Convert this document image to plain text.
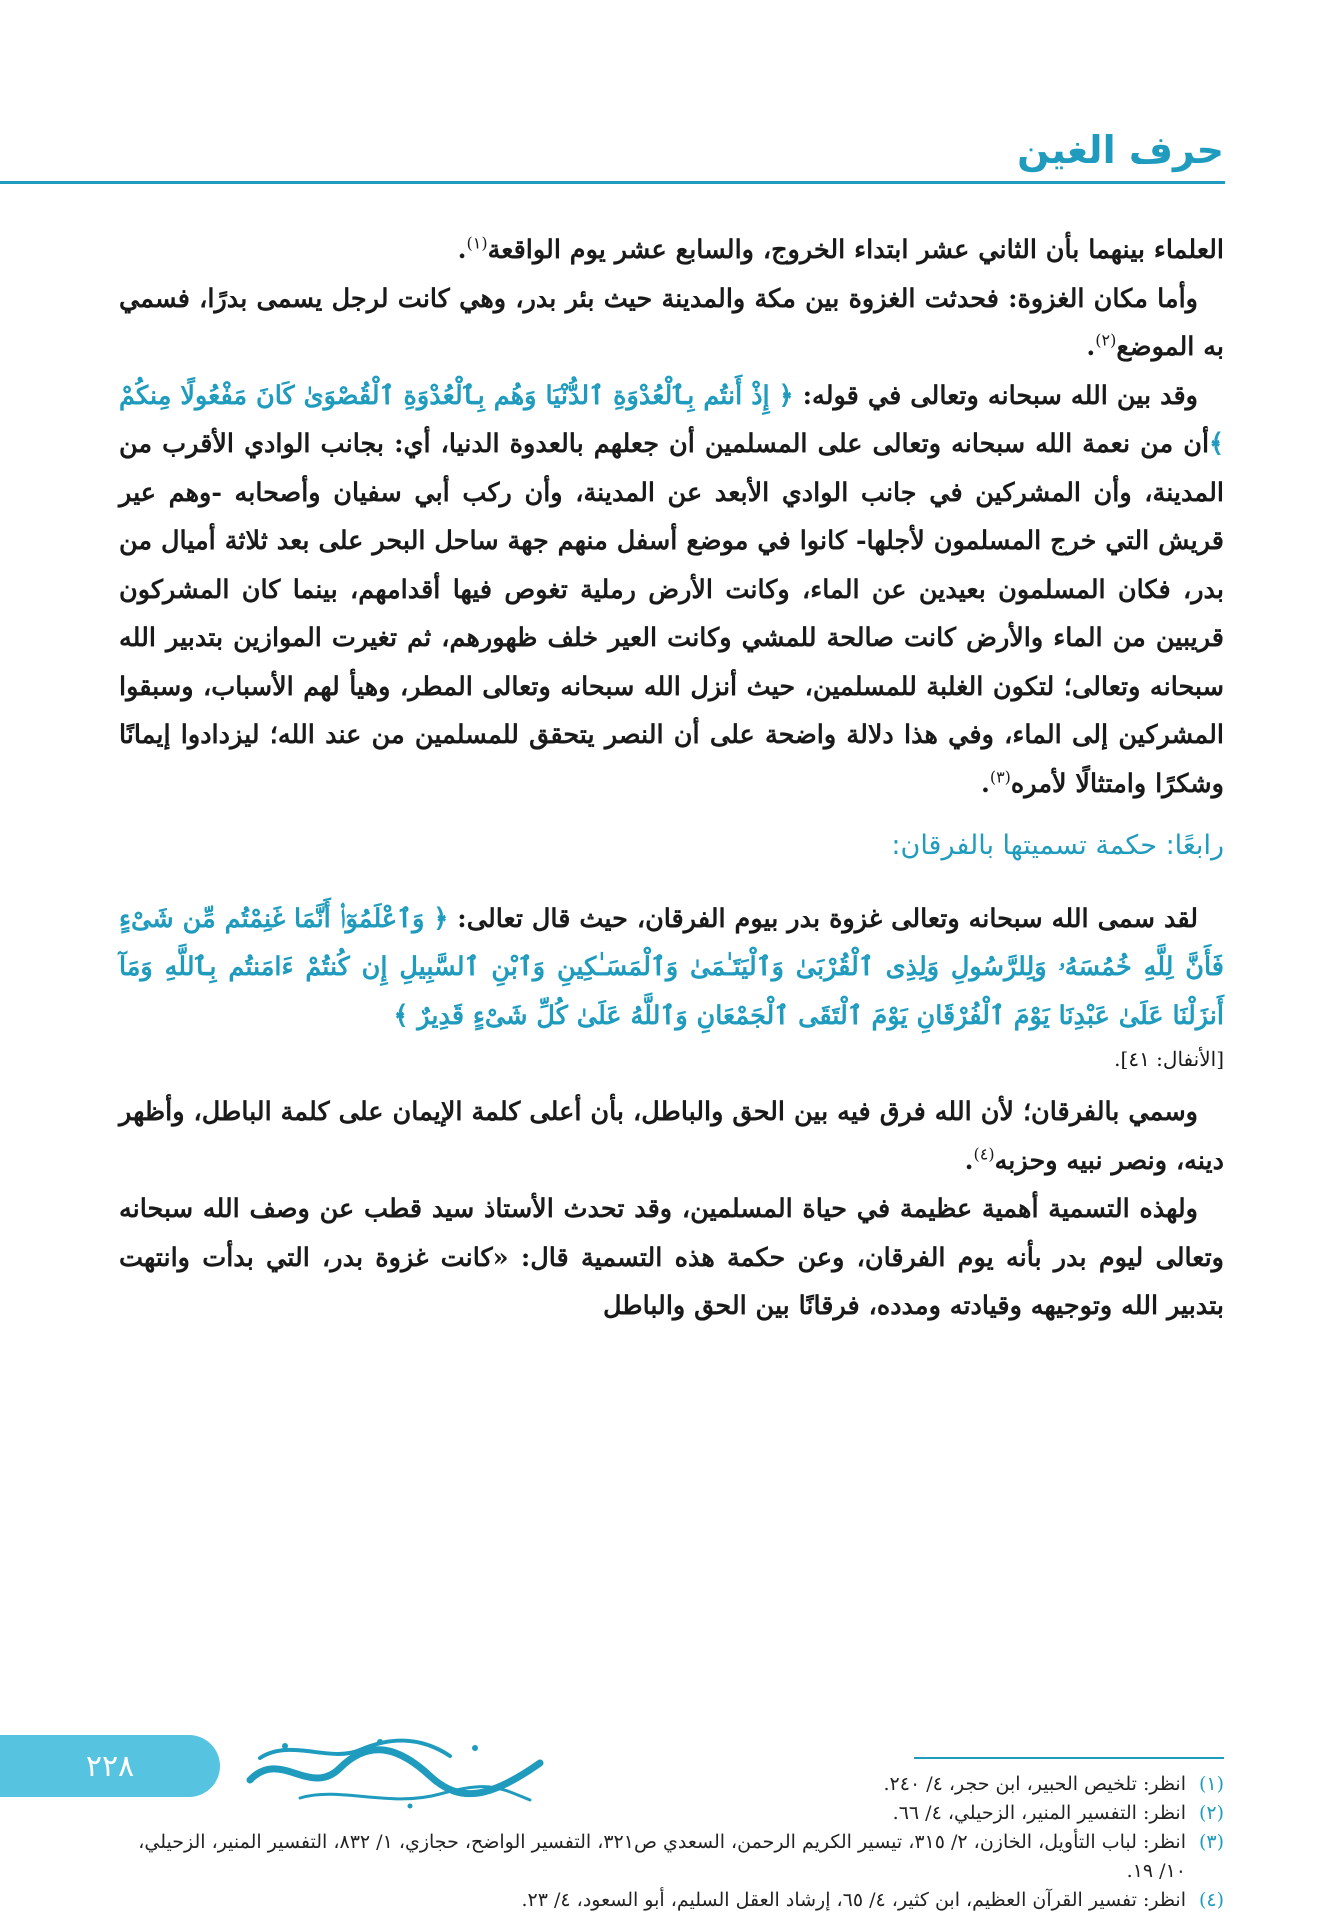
حرف الغين

العلماء بينهما بأن الثاني عشر ابتداء الخروج، والسابع عشر يوم الواقعة$^{(١)}$.

وأما مكان الغزوة: فحدثت الغزوة بين مكة والمدينة حيث بئر بدر، وهي كانت لرجل يسمى بدرًا، فسمي به الموضع$^{(٢)}$.

وقد بين الله سبحانه وتعالى في قوله: ﴿ إِذْ أَنتُم بِٱلْعُدْوَةِ ٱلدُّنْيَا وَهُم بِٱلْعُدْوَةِ ٱلْقُصْوَىٰ كَانَ مَفْعُولًا مِنكُمْ ﴾أن من نعمة الله سبحانه وتعالى على المسلمين أن جعلهم بالعدوة الدنيا، أي: بجانب الوادي الأقرب من المدينة، وأن المشركين في جانب الوادي الأبعد عن المدينة، وأن ركب أبي سفيان وأصحابه -وهم عير قريش التي خرج المسلمون لأجلها- كانوا في موضع أسفل منهم جهة ساحل البحر على بعد ثلاثة أميال من بدر، فكان المسلمون بعيدين عن الماء، وكانت الأرض رملية تغوص فيها أقدامهم، بينما كان المشركون قريبين من الماء والأرض كانت صالحة للمشي وكانت العير خلف ظهورهم، ثم تغيرت الموازين بتدبير الله سبحانه وتعالى؛ لتكون الغلبة للمسلمين، حيث أنزل الله سبحانه وتعالى المطر، وهيأ لهم الأسباب، وسبقوا المشركين إلى الماء، وفي هذا دلالة واضحة على أن النصر يتحقق للمسلمين من عند الله؛ ليزدادوا إيمانًا وشكرًا وامتثالًا لأمره$^{(٣)}$.

رابعًا: حكمة تسميتها بالفرقان:

لقد سمى الله سبحانه وتعالى غزوة بدر بيوم الفرقان، حيث قال تعالى: ﴿ وَٱعْلَمُوٓا۟ أَنَّمَا غَنِمْتُم مِّن شَىْءٍ فَأَنَّ لِلَّهِ خُمُسَهُۥ وَلِلرَّسُولِ وَلِذِى ٱلْقُرْبَىٰ وَٱلْيَتَـٰمَىٰ وَٱلْمَسَـٰكِينِ وَٱبْنِ ٱلسَّبِيلِ إِن كُنتُمْ ءَامَنتُم بِٱللَّهِ وَمَآ أَنزَلْنَا عَلَىٰ عَبْدِنَا يَوْمَ ٱلْفُرْقَانِ يَوْمَ ٱلْتَقَى ٱلْجَمْعَانِ وَٱللَّهُ عَلَىٰ كُلِّ شَىْءٍ قَدِيرٌ ﴾

[الأنفال: ٤١].

وسمي بالفرقان؛ لأن الله فرق فيه بين الحق والباطل، بأن أعلى كلمة الإيمان على كلمة الباطل، وأظهر دينه، ونصر نبيه وحزبه$^{(٤)}$.

ولهذه التسمية أهمية عظيمة في حياة المسلمين، وقد تحدث الأستاذ سيد قطب عن وصف الله سبحانه وتعالى ليوم بدر بأنه يوم الفرقان، وعن حكمة هذه التسمية قال: «كانت غزوة بدر، التي بدأت وانتهت بتدبير الله وتوجيهه وقيادته ومدده، فرقانًا بين الحق والباطل

(١)
انظر: تلخيص الحبير، ابن حجر، ٤/ ٢٤٠.
(٢)
انظر: التفسير المنير، الزحيلي، ٤/ ٦٦.
(٣)
انظر: لباب التأويل، الخازن، ٢/ ٣١٥، تيسير الكريم الرحمن، السعدي ص٣٢١، التفسير الواضح، حجازي، ١/ ٨٣٢، التفسير المنير، الزحيلي، ١٠/ ١٩.
(٤)
انظر: تفسير القرآن العظيم، ابن كثير، ٤/ ٦٥، إرشاد العقل السليم، أبو السعود، ٤/ ٢٣.
٢٢٨
